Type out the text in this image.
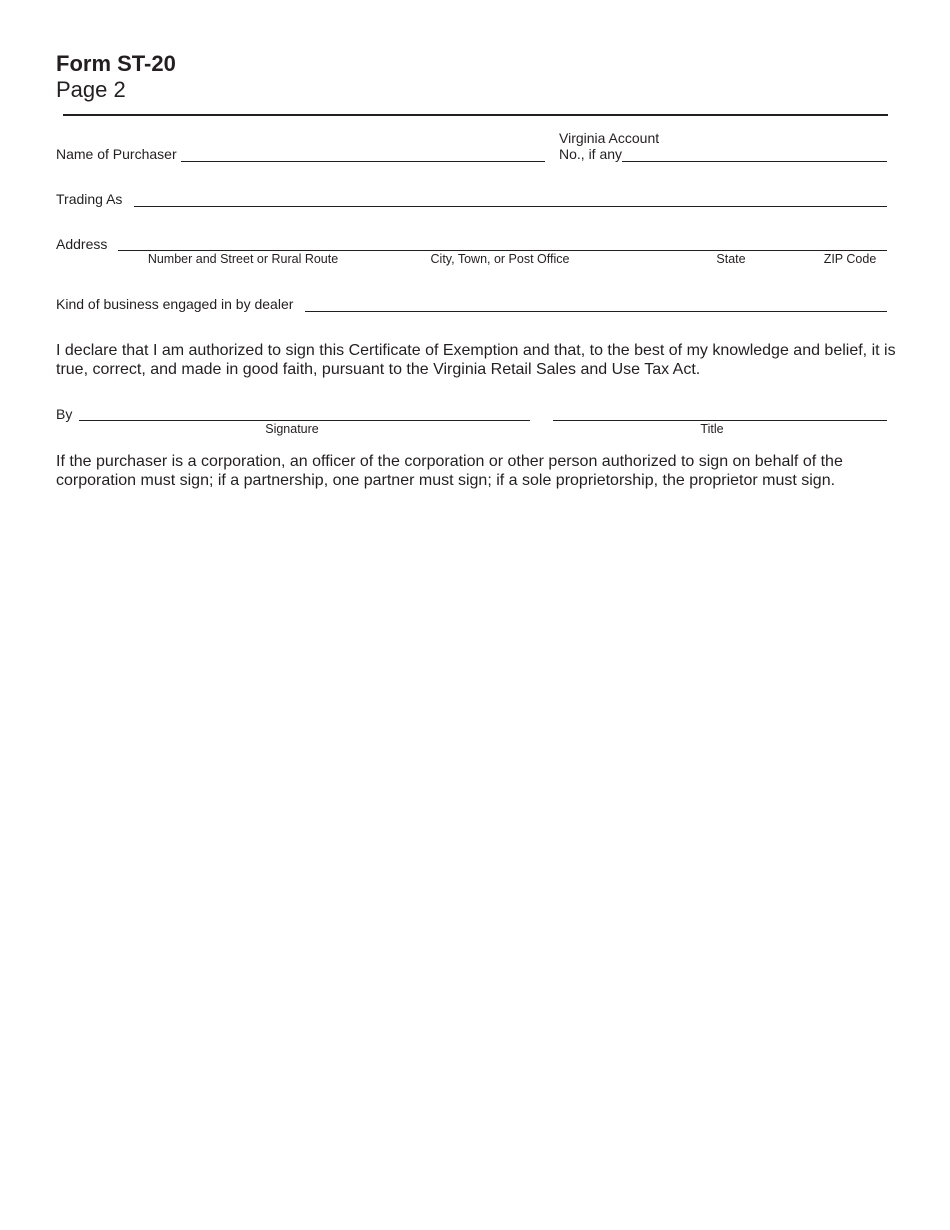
Form ST-20
Page 2
Name of Purchaser
Virginia Account
No., if any
Trading As
Address
Number and Street or Rural Route	City, Town, or Post Office	State	ZIP Code
Kind of business engaged in by dealer
I declare that I am authorized to sign this Certificate of Exemption and that, to the best of my knowledge and belief, it is true, correct, and made in good faith, pursuant to the Virginia Retail Sales and Use Tax Act.
By
Signature	Title
If the purchaser is a corporation, an officer of the corporation or other person authorized to sign on behalf of the corporation must sign; if a partnership, one partner must sign; if a sole proprietorship, the proprietor must sign.
